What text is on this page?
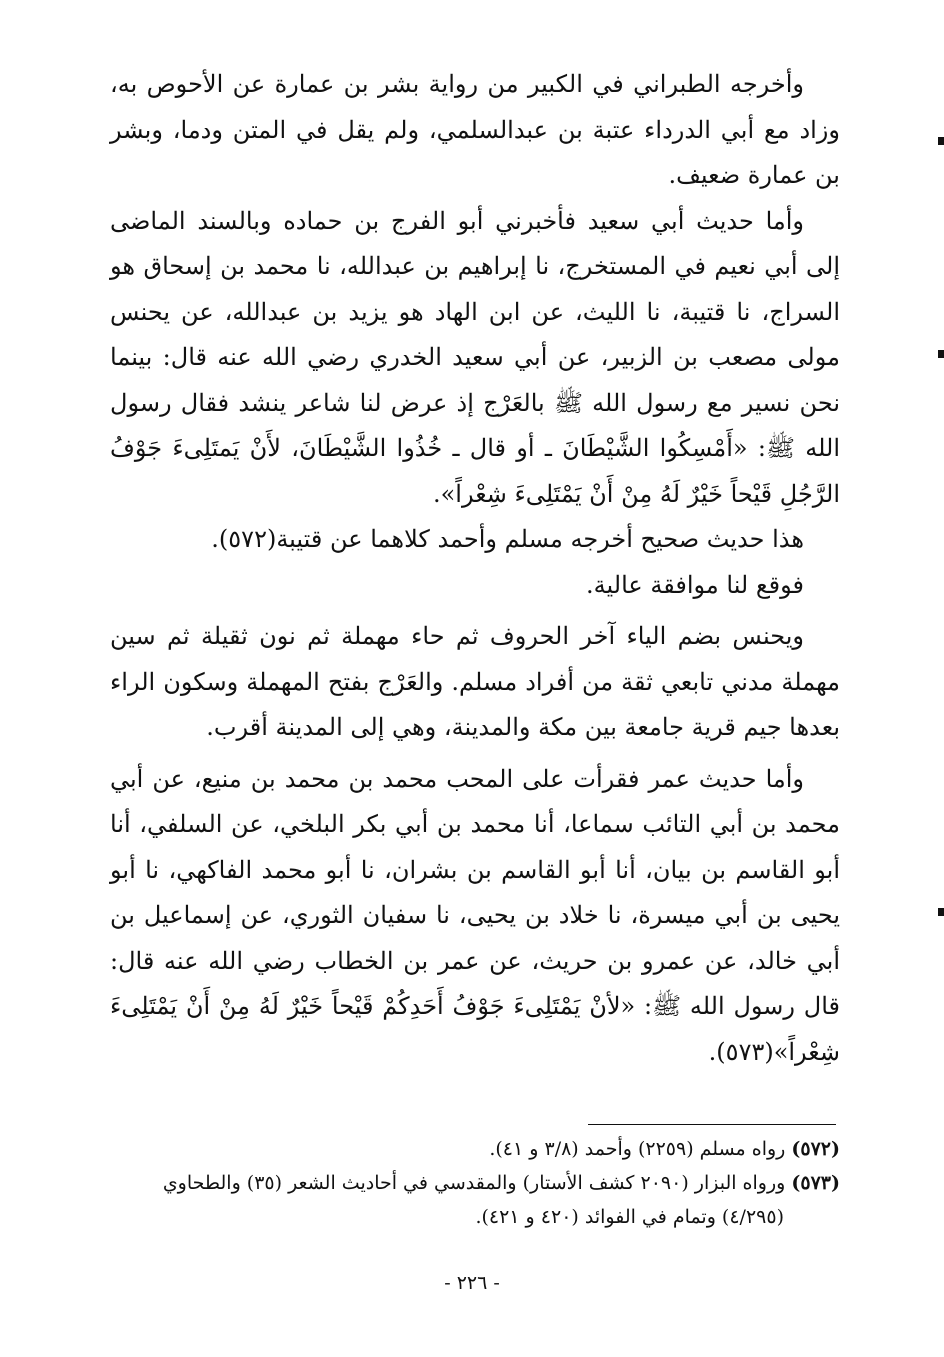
وأخرجه الطبراني في الكبير من رواية بشر بن عمارة عن الأحوص به، وزاد مع أبي الدرداء عتبة بن عبدالسلمي، ولم يقل في المتن ودما، وبشر بن عمارة ضعيف.

وأما حديث أبي سعيد فأخبرني أبو الفرج بن حماده وبالسند الماضى إلى أبي نعيم في المستخرج، نا إبراهيم بن عبدالله، نا محمد بن إسحاق هو السراج، نا قتيبة، نا الليث، عن ابن الهاد هو يزيد بن عبدالله، عن يحنس مولى مصعب بن الزبير، عن أبي سعيد الخدري رضي الله عنه قال: بينما نحن نسير مع رسول الله ﷺ بالعَرْج إذ عرض لنا شاعر ينشد فقال رسول الله ﷺ: «أَمْسِكُوا الشَّيْطَانَ ـ أو قال ـ خُذُوا الشَّيْطَانَ، لأَنْ يَمتَلِىءَ جَوْفُ الرَّجُلِ قَيْحاً خَيْرٌ لَهُ مِنْ أَنْ يَمْتَلِىءَ شِعْراً».

هذا حديث صحيح أخرجه مسلم وأحمد كلاهما عن قتيبة(٥٧٢).

فوقع لنا موافقة عالية.

ويحنس بضم الياء آخر الحروف ثم حاء مهملة ثم نون ثقيلة ثم سين مهملة مدني تابعي ثقة من أفراد مسلم. والعَرْج بفتح المهملة وسكون الراء بعدها جيم قرية جامعة بين مكة والمدينة، وهي إلى المدينة أقرب.

وأما حديث عمر فقرأت على المحب محمد بن محمد بن منيع، عن أبي محمد بن أبي التائب سماعا، أنا محمد بن أبي بكر البلخي، عن السلفي، أنا أبو القاسم بن بيان، أنا أبو القاسم بن بشران، نا أبو محمد الفاكهي، نا أبو يحيى بن أبي ميسرة، نا خلاد بن يحيى، نا سفيان الثوري، عن إسماعيل بن أبي خالد، عن عمرو بن حريث، عن عمر بن الخطاب رضي الله عنه قال: قال رسول الله ﷺ: «لأنْ يَمْتَلِىءَ جَوْفُ أَحَدِكُمْ قَيْحاً خَيْرٌ لَهُ مِنْ أَنْ يَمْتَلِىءَ شِعْراً»(٥٧٣).

(٥٧٢) رواه مسلم (٢٢٥٩) وأحمد (٣/٨ و ٤١).

(٥٧٣) ورواه البزار (٢٠٩٠ كشف الأستار) والمقدسي في أحاديث الشعر (٣٥) والطحاوي

(٤/٢٩٥) وتمام في الفوائد (٤٢٠ و ٤٢١).

- ٢٢٦ -
